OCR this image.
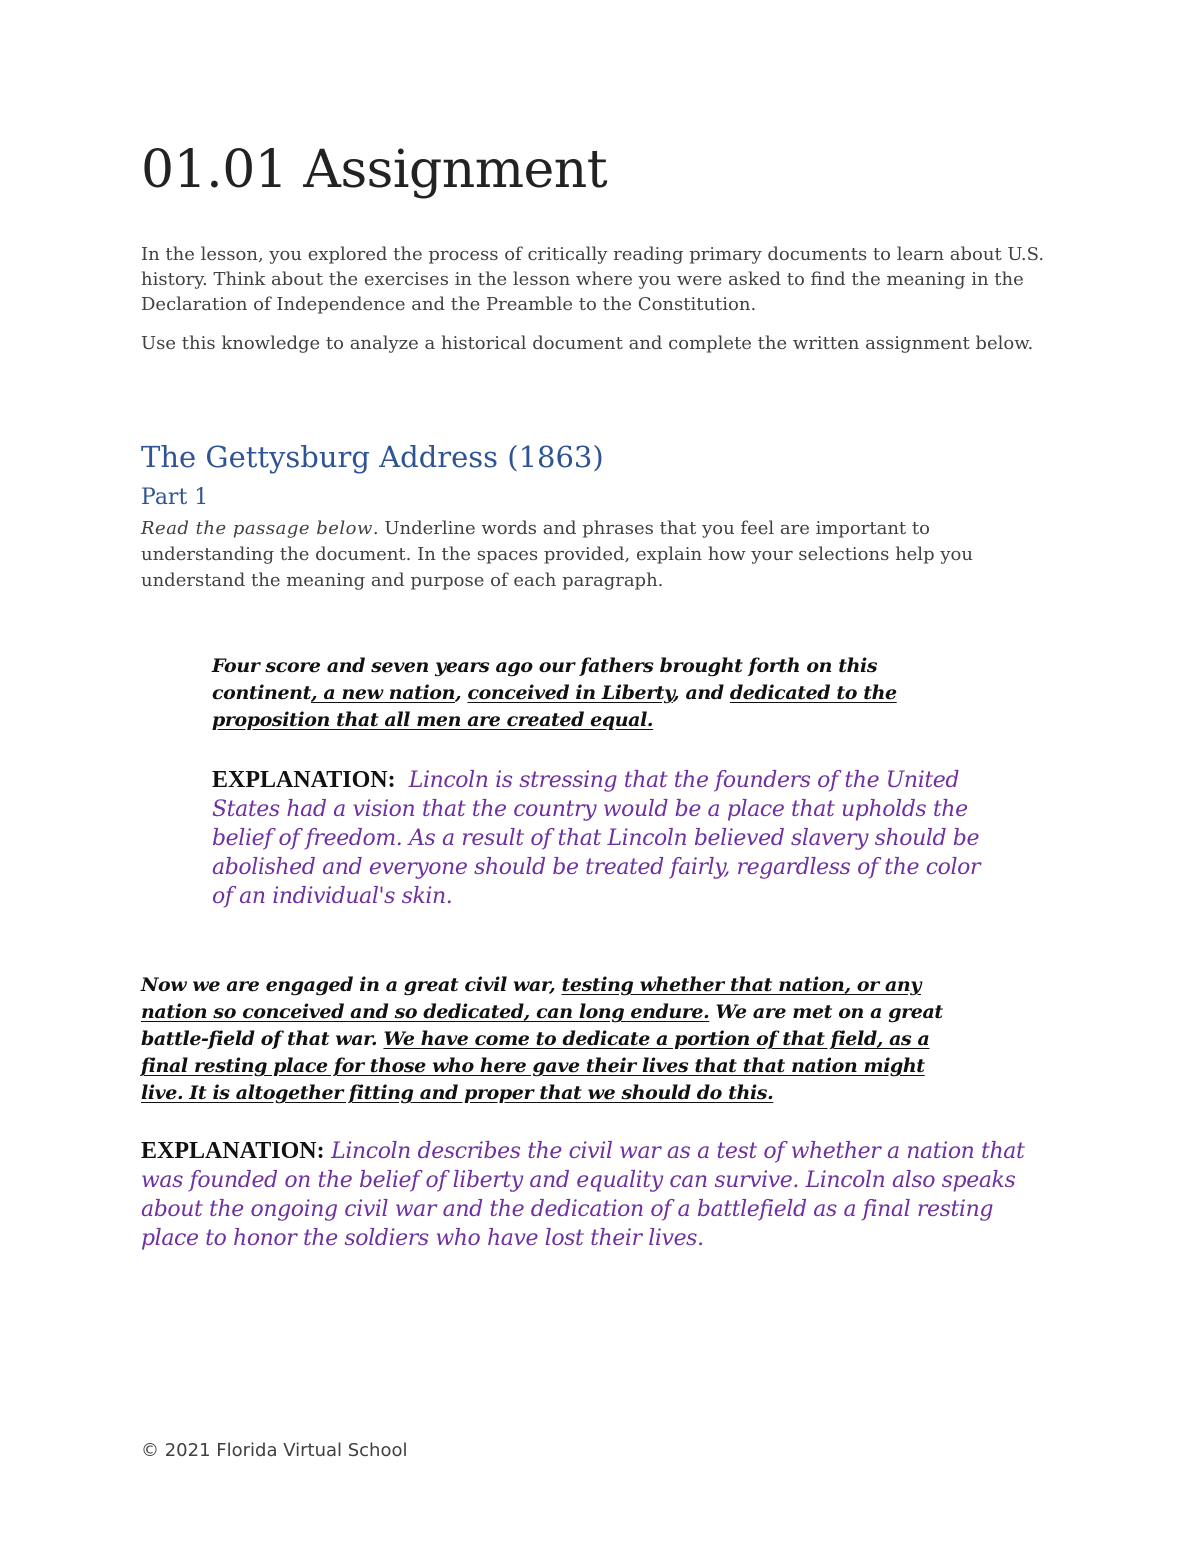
01.01 Assignment

In the lesson, you explored the process of critically reading primary documents to learn about U.S. history. Think about the exercises in the lesson where you were asked to find the meaning in the Declaration of Independence and the Preamble to the Constitution.

Use this knowledge to analyze a historical document and complete the written assignment below.

The Gettysburg Address (1863)
Part 1

Read the passage below. Underline words and phrases that you feel are important to understanding the document. In the spaces provided, explain how your selections help you understand the meaning and purpose of each paragraph.

Four score and seven years ago our fathers brought forth on this continent, a new nation, conceived in Liberty, and dedicated to the proposition that all men are created equal.

EXPLANATION: Lincoln is stressing that the founders of the United States had a vision that the country would be a place that upholds the belief of freedom. As a result of that Lincoln believed slavery should be abolished and everyone should be treated fairly, regardless of the color of an individual's skin.

Now we are engaged in a great civil war, testing whether that nation, or any nation so conceived and so dedicated, can long endure. We are met on a great battle-field of that war. We have come to dedicate a portion of that field, as a final resting place for those who here gave their lives that that nation might live. It is altogether fitting and proper that we should do this.

EXPLANATION: Lincoln describes the civil war as a test of whether a nation that was founded on the belief of liberty and equality can survive. Lincoln also speaks about the ongoing civil war and the dedication of a battlefield as a final resting place to honor the soldiers who have lost their lives.

© 2021 Florida Virtual School
